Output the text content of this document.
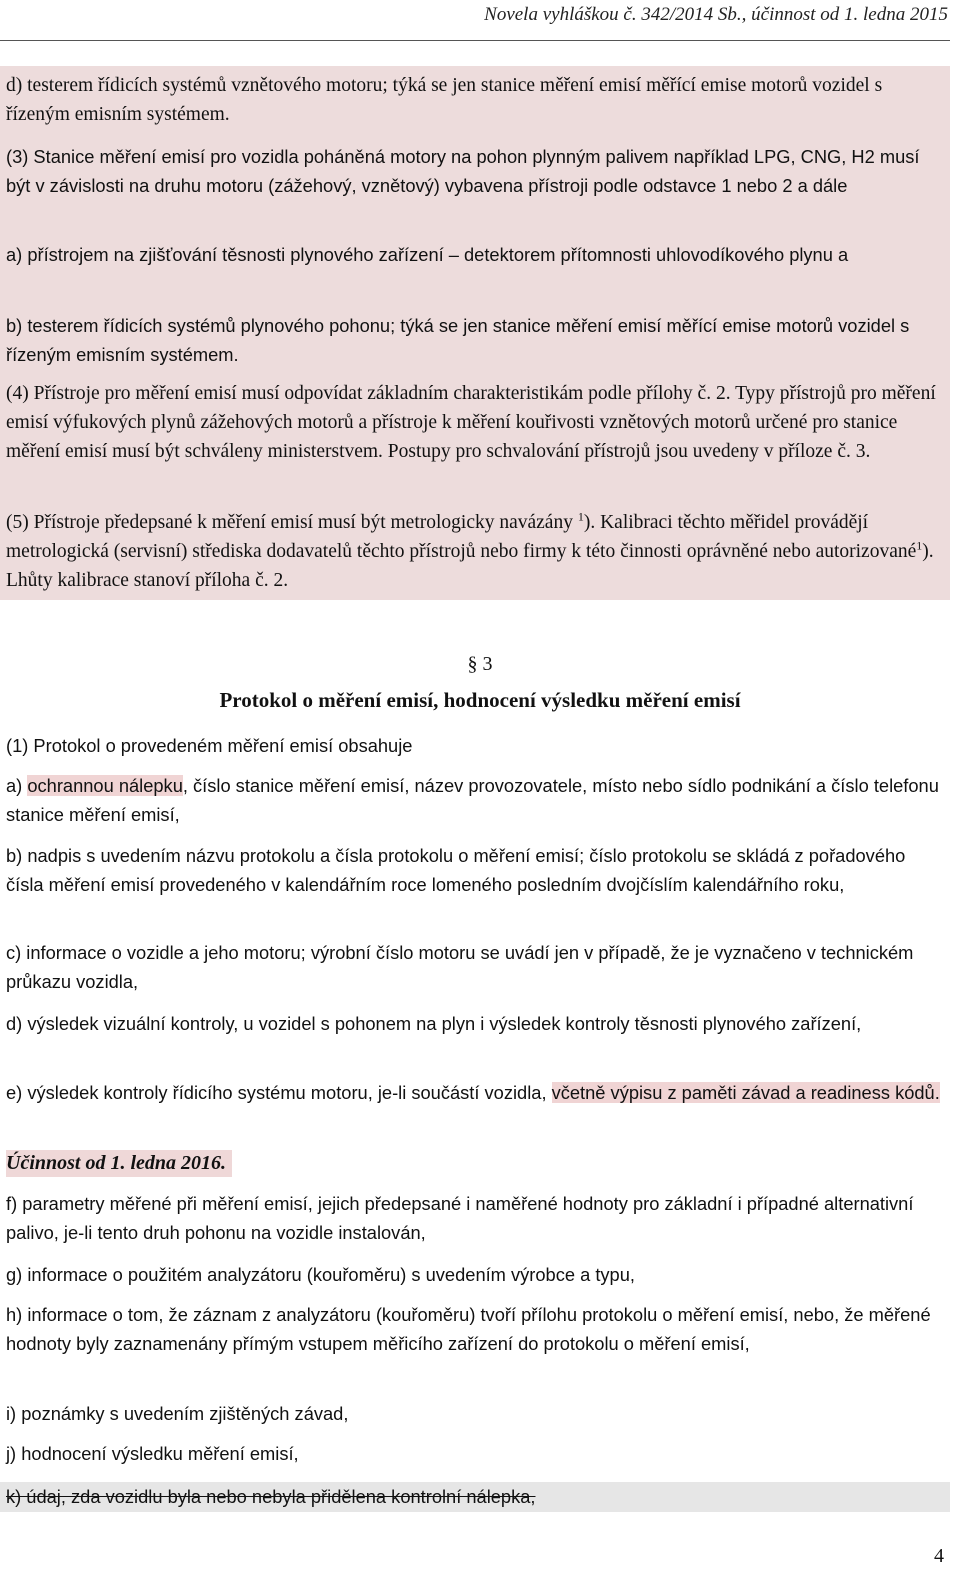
Novela vyhláškou č. 342/2014 Sb., účinnost od 1. ledna 2015

d) testerem řídicích systémů vznětového motoru; týká se jen stanice měření emisí měřící emise motorů vozidel s řízeným emisním systémem.

(3) Stanice měření emisí pro vozidla poháněná motory na pohon plynným palivem například LPG, CNG, H2 musí být v závislosti na druhu motoru (zážehový, vznětový) vybavena přístroji podle odstavce 1 nebo 2 a dále

a) přístrojem na zjišťování těsnosti plynového zařízení – detektorem přítomnosti uhlovodíkového plynu a

b) testerem řídicích systémů plynového pohonu; týká se jen stanice měření emisí měřící emise motorů vozidel s řízeným emisním systémem.

(4) Přístroje pro měření emisí musí odpovídat základním charakteristikám podle přílohy č. 2. Typy přístrojů pro měření emisí výfukových plynů zážehových motorů a přístroje k měření kouřivosti vznětových motorů určené pro stanice měření emisí musí být schváleny ministerstvem. Postupy pro schvalování přístrojů jsou uvedeny v příloze č. 3.

(5) Přístroje předepsané k měření emisí musí být metrologicky navázány $^1$). Kalibraci těchto měřidel provádějí metrologická (servisní) střediska dodavatelů těchto přístrojů nebo firmy k této činnosti oprávněné nebo autorizované$^1$). Lhůty kalibrace stanoví příloha č. 2.

§ 3
Protokol o měření emisí, hodnocení výsledku měření emisí

(1) Protokol o provedeném měření emisí obsahuje

a) ochrannou nálepku, číslo stanice měření emisí, název provozovatele, místo nebo sídlo podnikání a číslo telefonu stanice měření emisí,

b) nadpis s uvedením názvu protokolu a čísla protokolu o měření emisí; číslo protokolu se skládá z pořadového čísla měření emisí provedeného v kalendářním roce lomeného posledním dvojčíslím kalendářního roku,

c) informace o vozidle a jeho motoru; výrobní číslo motoru se uvádí jen v případě, že je vyznačeno v technickém průkazu vozidla,

d) výsledek vizuální kontroly, u vozidel s pohonem na plyn i výsledek kontroly těsnosti plynového zařízení,

e) výsledek kontroly řídicího systému motoru, je-li součástí vozidla, včetně výpisu z paměti závad a readiness kódů.

Účinnost od 1. ledna 2016.

f) parametry měřené při měření emisí, jejich předepsané i naměřené hodnoty pro základní i případné alternativní palivo, je-li tento druh pohonu na vozidle instalován,

g) informace o použitém analyzátoru (kouřoměru) s uvedením výrobce a typu,

h) informace o tom, že záznam z analyzátoru (kouřoměru) tvoří přílohu protokolu o měření emisí, nebo, že měřené hodnoty byly zaznamenány přímým vstupem měřicího zařízení do protokolu o měření emisí,

i) poznámky s uvedením zjištěných závad,

j) hodnocení výsledku měření emisí,

k) údaj, zda vozidlu byla nebo nebyla přidělena kontrolní nálepka,

4
